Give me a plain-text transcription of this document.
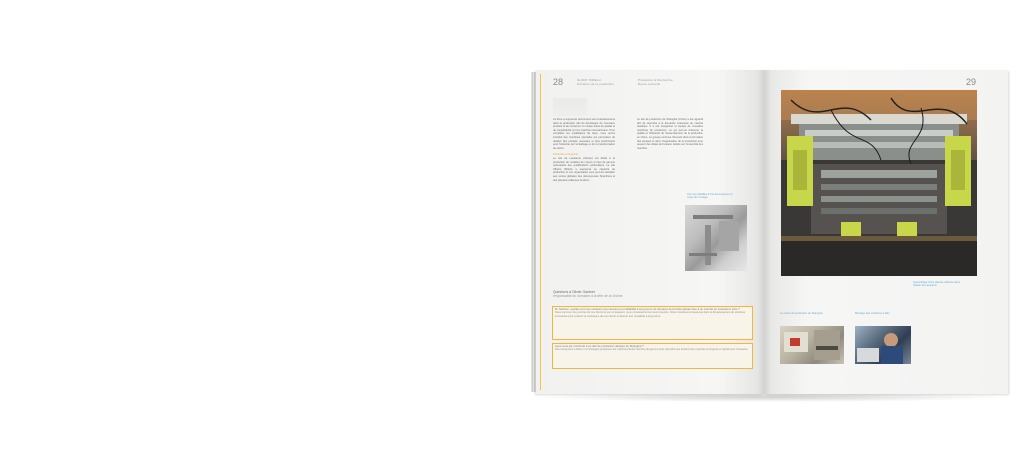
28	GUIDO TORELLI
Directeur de la production
Production & Recherche
Revue annuelle
La firme a augmenté récemment ses investissements dans la production afin de développer de nouveaux produits et de conserver un niveau élevé de qualité et de compétitivité sur les marchés internationaux. Pour compléter les installations de base, nous avons introduit des machines spéciales qui permettent de réaliser des produits nouveaux et plus performants pour l'industrie de l'emballage et de la transformation du carton.
Production à la pointe
Le site de Lausanne (Suisse) est dédié à la production de modèles de moyen et haut de gamme nécessitant des qualifications particulières. Le site d'Ibérie (Brésil) a augmenté sa capacité de production et son organisation pour pouvoir satisfaire aux ventes globales des découpeuses Spanthera et des plieuses-colleuses Amazon.
Le site de production de Shanghai (Chine) a été agrandi afin de répondre à la demande croissante du marché asiatique. Il a été réorganisé et équipé de nouvelles machines de production, ce qui permet d'assurer la qualité et l'efficacité de l'assemblement de la production en Chine. Le groupe continue d'investir dans la formation des équipes et dans l'organisation de la production pour assurer des délais de livraison réduits sur l'ensemble des marchés.
Une vue détaillée d'une découpeuse en cours de montage
Questions à Olivier Gardner
responsable du domaine à la tête de la chaîne
M. Gardner, quelles sont vos solutions pour assurer la profitabilité à long terme du domaine de la boîte pliante face à un marché en croissance forte ?
Nous sommes très proches de nos clients et par conséquent, nous connaissons bien leurs besoins. Nous investissons beaucoup dans le développement de solutions innovantes pour soutenir la croissance de nos clients et assurer leur rentabilité à long terme.
Avez-vous été confronté à un défi de production désigné de Shanghai ?
Nos entreprises à Ibérie et à Shanghai produisent les machines Bobst d'entrée de gamme pour répondre aux besoins des marchés émergents et rapidement croissants.
29
Assemblage d'une plieuse-colleuse dans l'atelier de Lausanne
Le centre de production de Shanghai	Montage des machines à Mex
